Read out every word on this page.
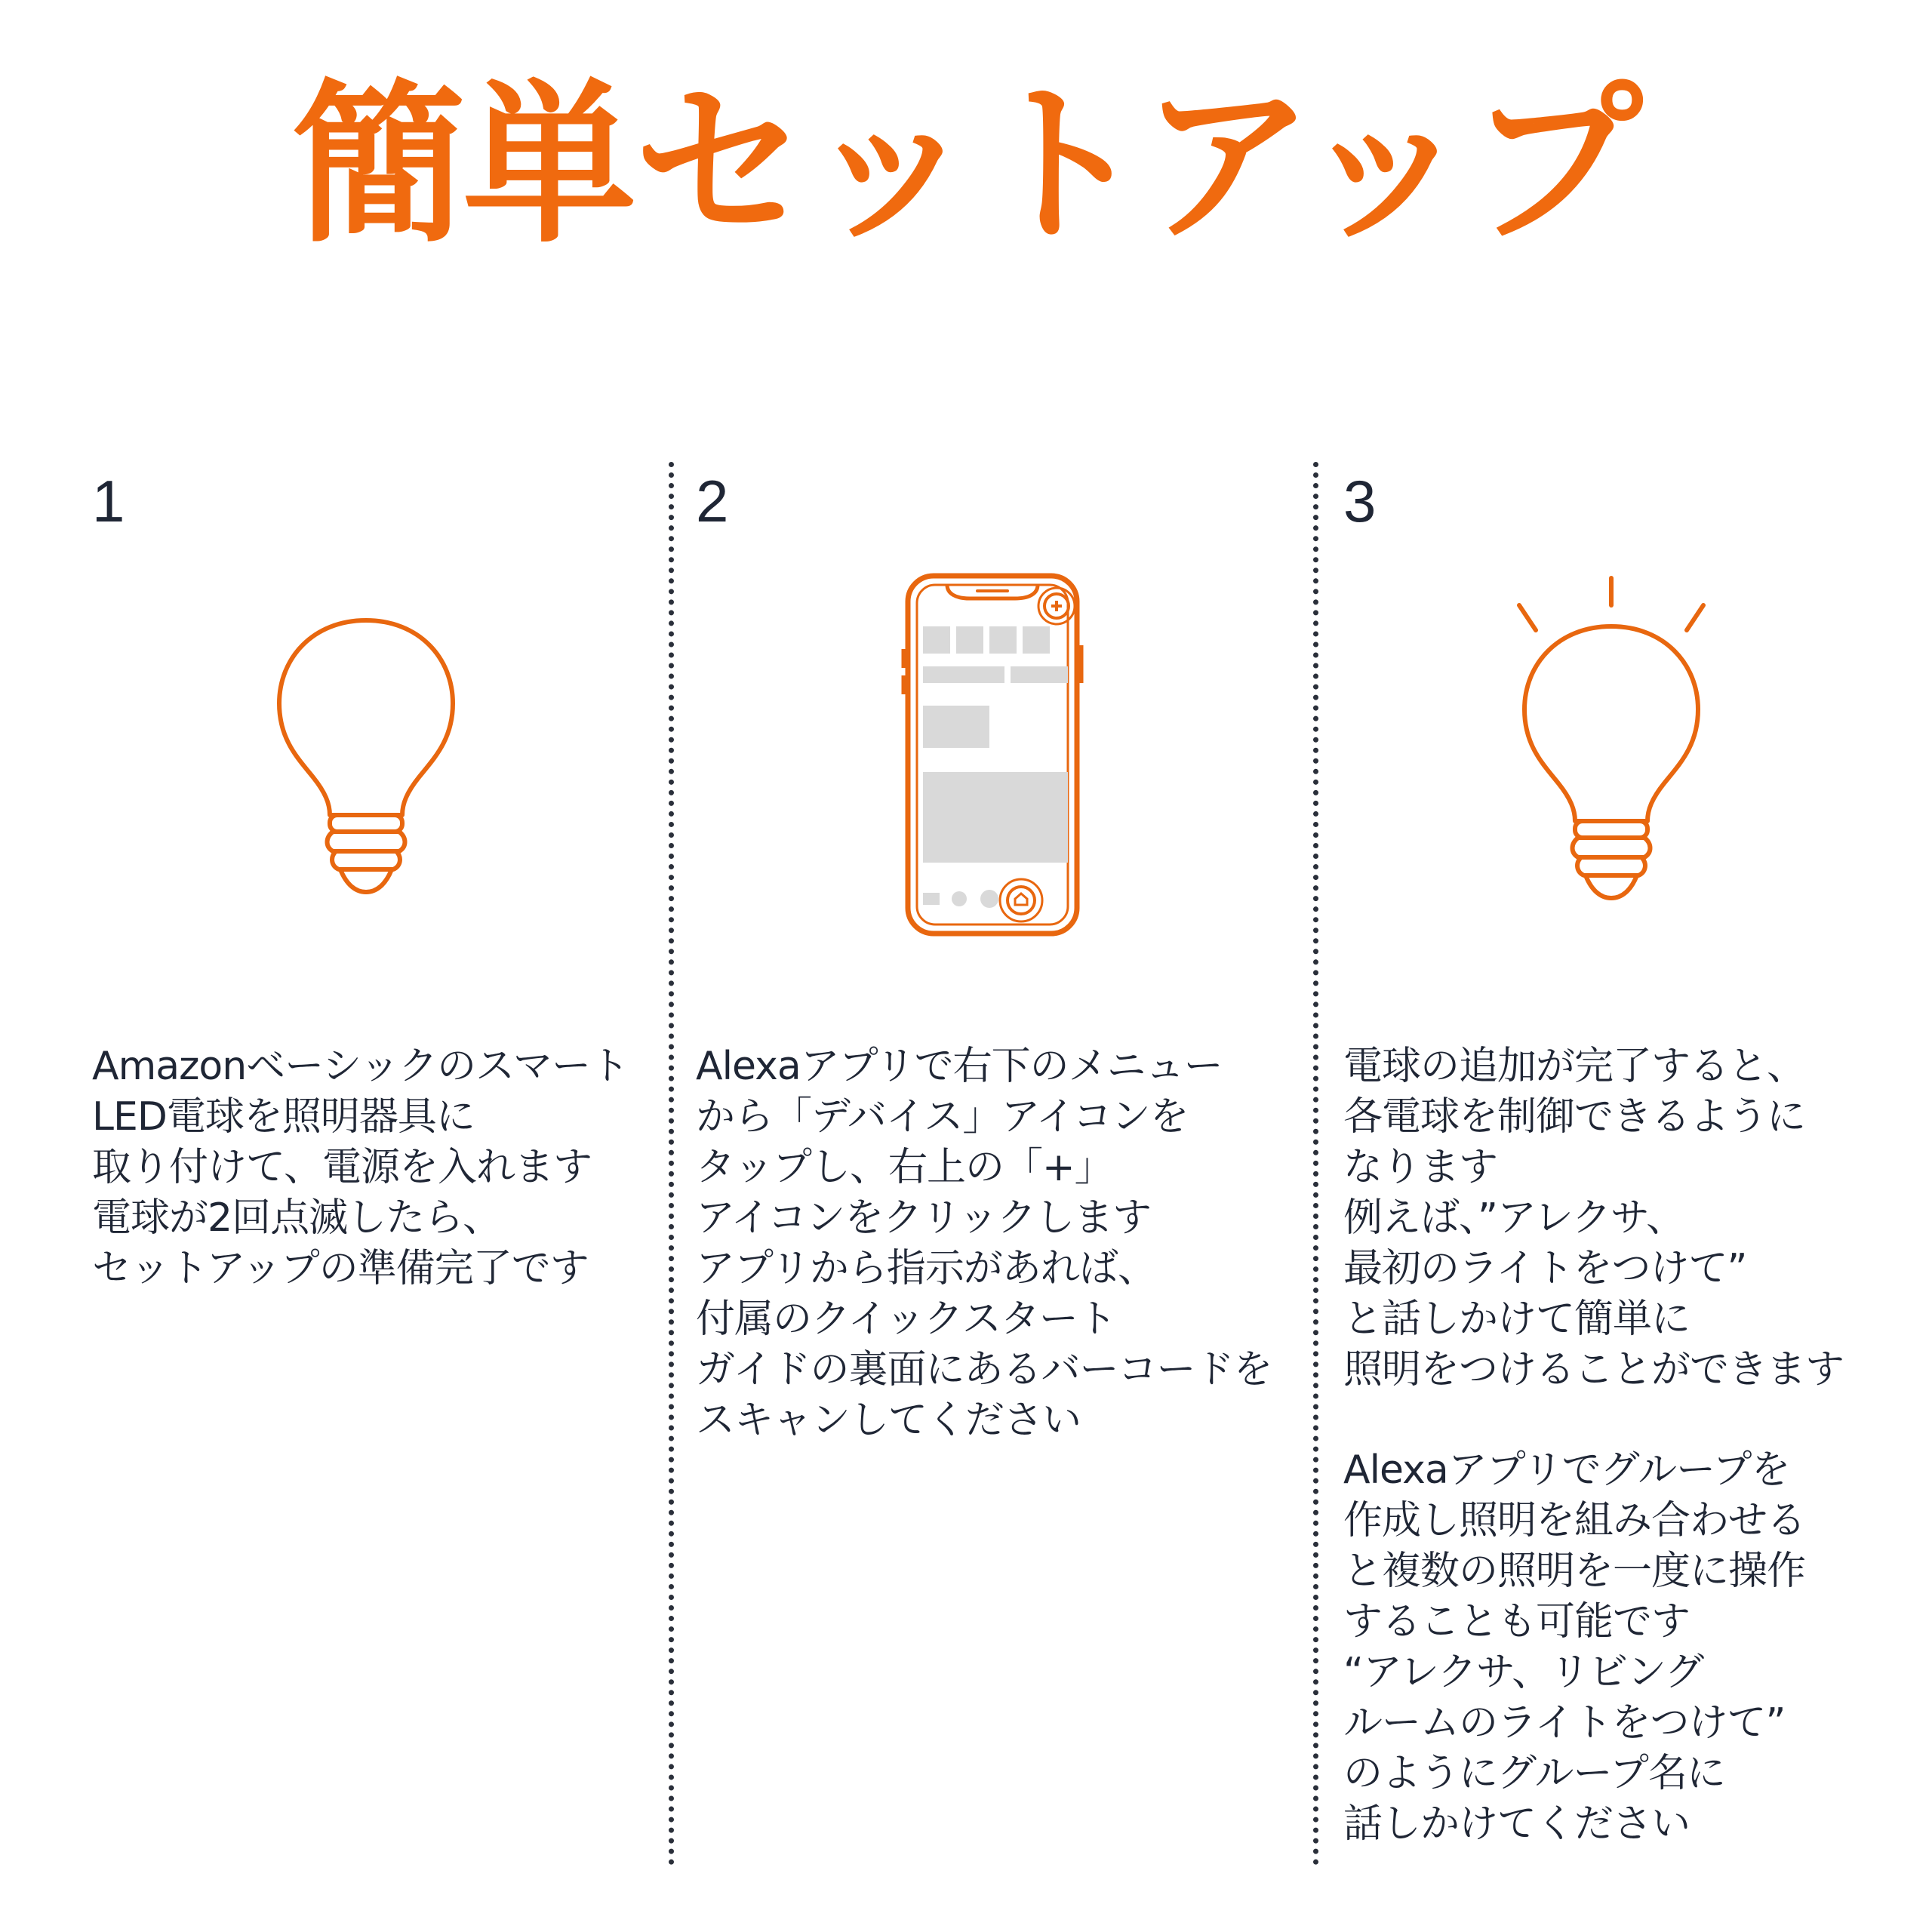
簡単セットアップ
1
Amazonベーシックのスマート
LED電球を照明器具に
取り付けて、電源を入れます
電球が2回点滅したら、
セットアップの準備完了です
2
Alexaアプリで右下のメニュー
から「デバイス」アイコンを
タップし、右上の「+」
アイコンをクリックします
アプリから指示があれば、
付属のクイックスタート
ガイドの裏面にあるバーコードを
スキャンしてください
3
電球の追加が完了すると、
各電球を制御できるように
なります
例えば、”アレクサ、
最初のライトをつけて”
と話しかけて簡単に
照明をつけることができます
Alexaアプリでグループを
作成し照明を組み合わせる
と複数の照明を一度に操作
することも可能です
“アレクサ、リビング
ルームのライトをつけて”
のようにグループ名に
話しかけてください
